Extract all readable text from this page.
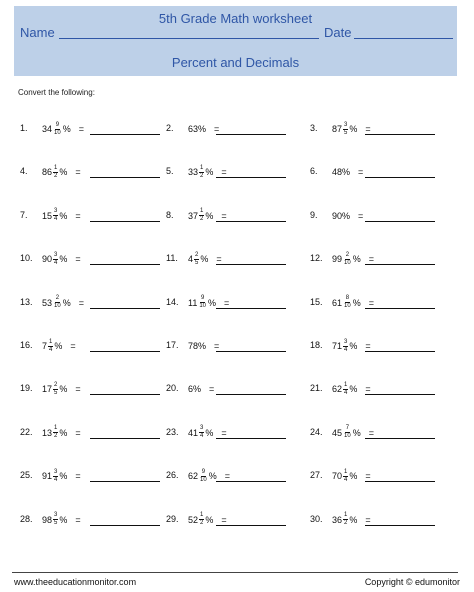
5th Grade Math worksheet
Name	Date
Percent and Decimals
Convert the following:
1. $34 \frac{9}{10}$ % =	2. 63% =	3. $87 \frac{3}{5}$ % =
4. $86 \frac{1}{2}$ % =	5. $33 \frac{1}{2}$ % =	6. 48% =
7. $15 \frac{3}{4}$ % =	8. $37 \frac{1}{2}$ % =	9. 90% =
10. $90 \frac{3}{4}$ % =	11. $4 \frac{2}{5}$ % =	12. $99 \frac{2}{10}$ % =
13. $53 \frac{2}{10}$ % =	14. $11 \frac{9}{10}$ % =	15. $61 \frac{8}{10}$ % =
16. $7 \frac{1}{4}$ % =	17. 78% =	18. $71 \frac{3}{4}$ % =
19. $17 \frac{2}{5}$ % =	20. 6% =	21. $62 \frac{1}{4}$ % =
22. $13 \frac{1}{2}$ % =	23. $41 \frac{3}{4}$ % =	24. $45 \frac{7}{10}$ % =
25. $91 \frac{3}{4}$ % =	26. $62 \frac{9}{10}$ % =	27. $70 \frac{1}{4}$ % =
28. $98 \frac{3}{5}$ % =	29. $52 \frac{1}{2}$ % =	30. $36 \frac{1}{2}$ % =
www.theeducationmonitor.com	Copyright © edumonitor
